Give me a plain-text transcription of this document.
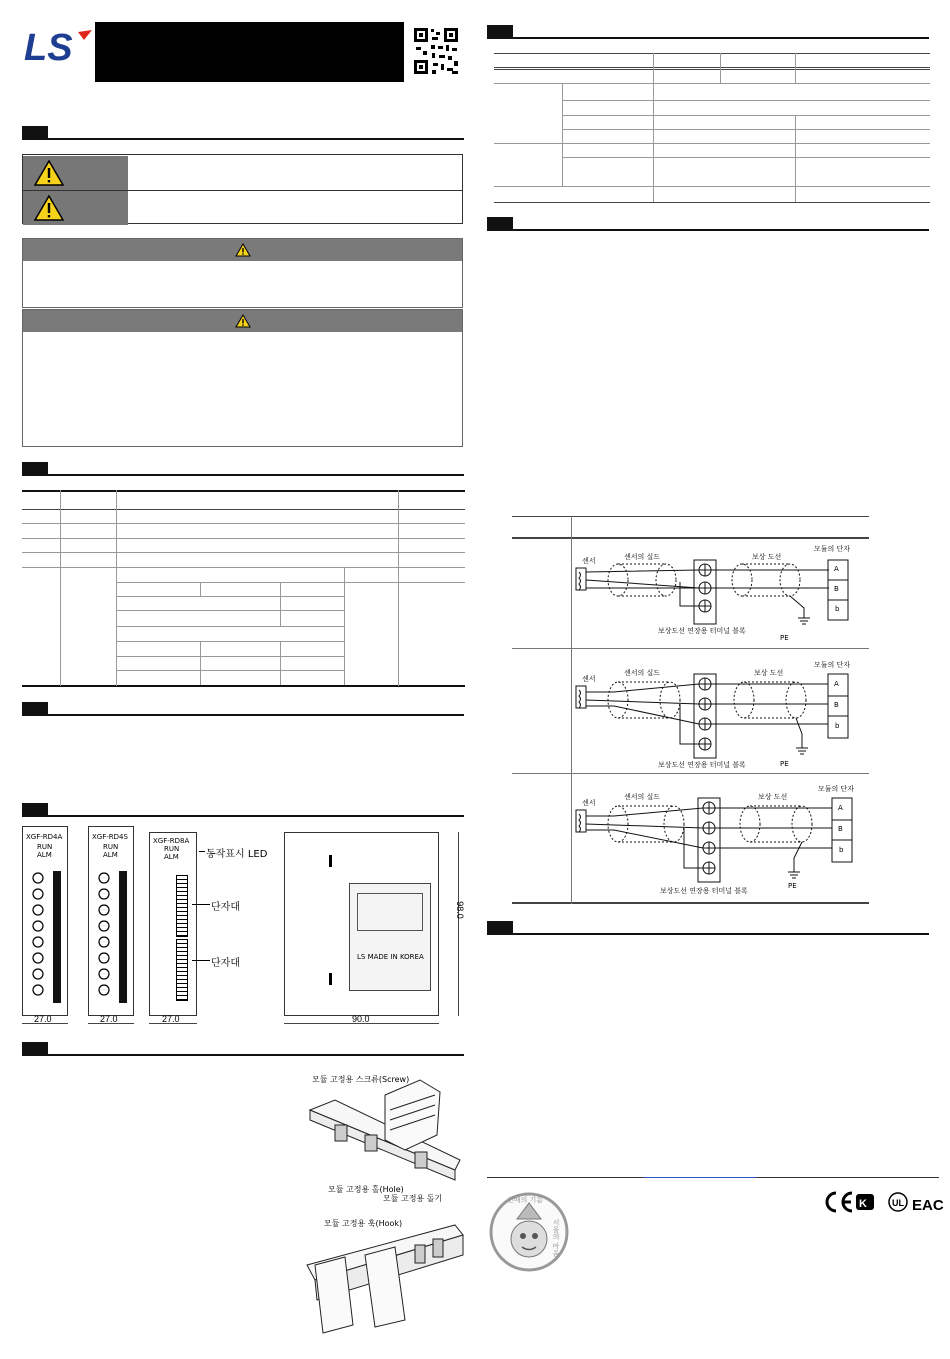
LS
XGF-RD4A
RUN
ALM
XGF-RD4S
RUN
ALM
XGF-RD8A
RUN
ALM	동작표시 LED
단자대
단자대
27.0	27.0	27.0
LS MADE IN KOREA
90.0
98.0
모듈 고정용 스크류(Screw)
모듈 고정용 홀(Hole)
모듈 고정용 돌기
모듈 고정용 훅(Hook)
센서	센서의 실드	보상 도선
모듈의 단자
A
B
b
보상도선 연장용 터미널 블록
PE
센서
센서의 실드	보상 도선
모듈의 단자
A
B
b
보상도선 연장용 터미널 블록	PE
센서
센서의 실드	보상 도선
모듈의 단자
A
B
b
보상도선 연장용 터미널 블록
PE
선배의 기름
서울의 마음
K	UL EAC
CE KC UL EAC
